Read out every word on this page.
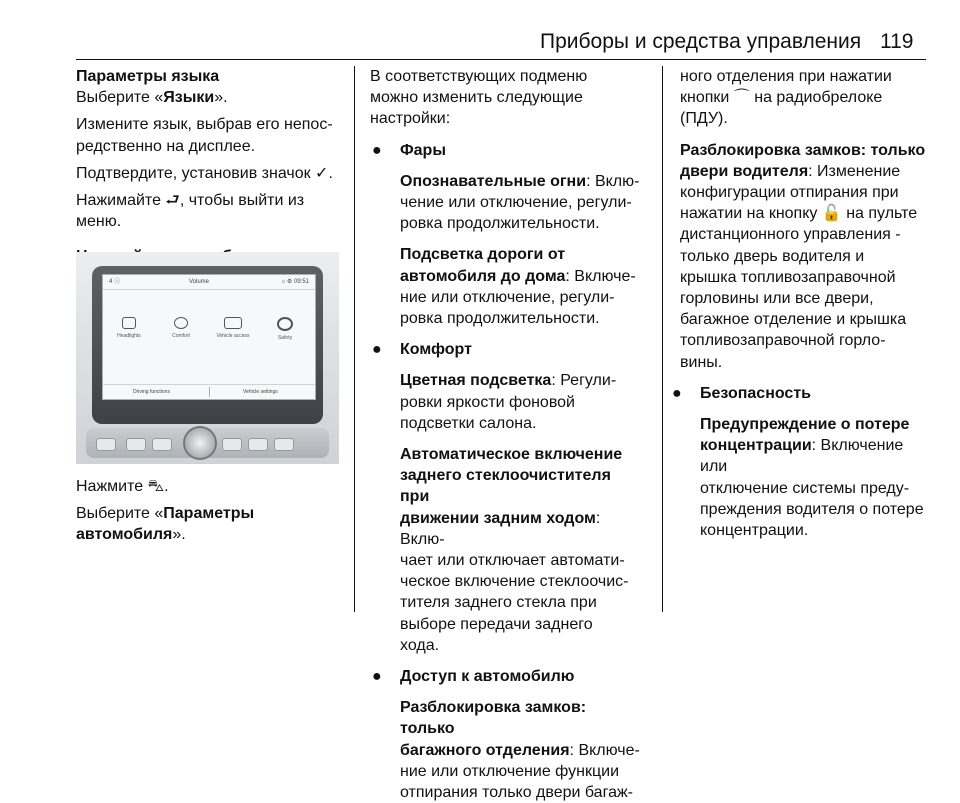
Приборы и средства управления 119

Параметры языка

Выберите «Языки».

Измените язык, выбрав его непос‐

редственно на дисплее.

Подтвердите, установив значок ✓.

Нажимайте ⮐, чтобы выйти из

меню.

4 ⓘ	Volume	⌂ ⚙ 09:51
Headlights	Comfort	Vehicle access	Safety
Driving functions	Vehicle settings

Нажмите ⛍.

Выберите «Параметры

автомобиля».

В соответствующих подменю

можно изменить следующие

настройки:

● Фары

Опознавательные огни: Вклю‐

чение или отключение, регули‐

ровка продолжительности.

Подсветка дороги от

автомобиля до дома: Включе‐

ние или отключение, регули‐

ровка продолжительности.

● Комфорт

Цветная подсветка: Регули‐

ровки яркости фоновой

подсветки салона.

Автоматическое включение

заднего стеклоочистителя при

движении задним ходом: Вклю‐

чает или отключает автомати‐

ческое включение стеклоочис‐

тителя заднего стекла при

выборе передачи заднего

хода.

● Доступ к автомобилю

Разблокировка замков: только

багажного отделения: Включе‐

ние или отключение функции

отпирания только двери багаж‐

ного отделения при нажатии

кнопки ⌒ на радиобрелоке

(ПДУ).

Разблокировка замков: только

двери водителя: Изменение

конфигурации отпирания при

нажатии на кнопку 🔓 на пульте

дистанционного управления -

только дверь водителя и

крышка топливозаправочной

горловины или все двери,

багажное отделение и крышка

топливозаправочной горло‐

вины.

● Безопасность

Предупреждение о потере

концентрации: Включение или

отключение системы преду‐

преждения водителя о потере

концентрации.
